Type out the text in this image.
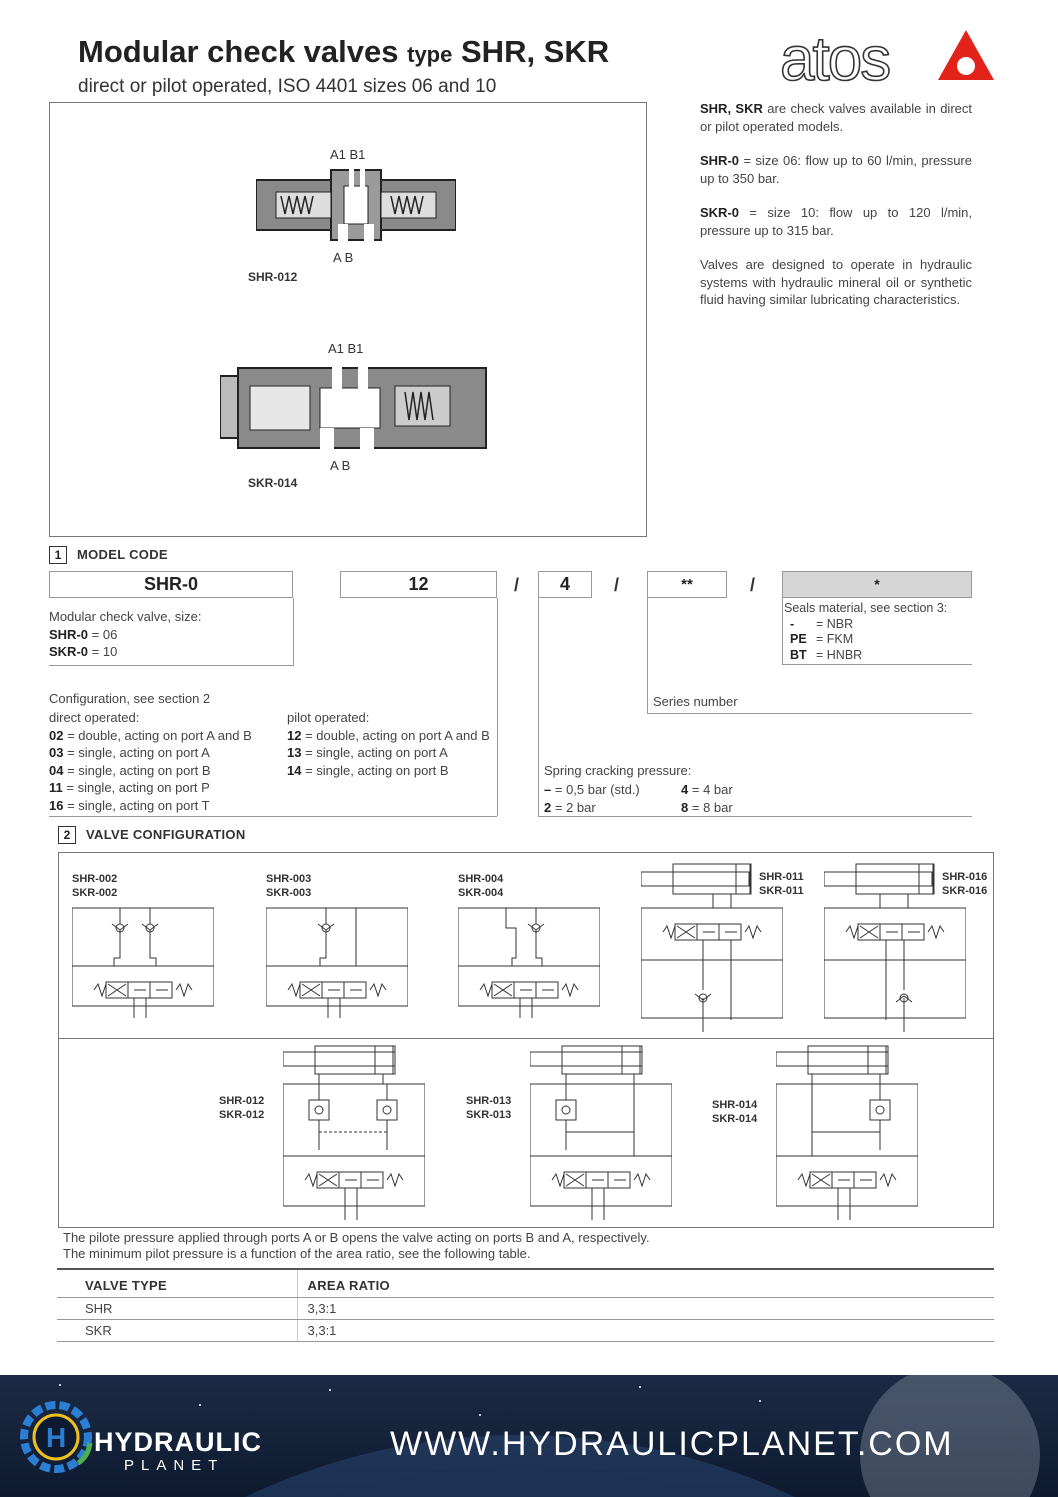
Modular check valves type SHR, SKR
direct or pilot operated, ISO 4401 sizes 06 and 10	atos

SHR, SKR are check valves available in direct or pilot operated models.

SHR-0 = size 06: flow up to 60 l/min, pressure up to 350 bar.

SKR-0 = size 10: flow up to 120 l/min, pressure up to 315 bar.

Valves are designed to operate in hydraulic systems with hydraulic mineral oil or synthetic fluid having similar lubricating characteristics.

A1 B1
A B
SHR-012
A1 B1
A B
SKR-014
1 MODEL CODE
SHR-0	12	/	4	/	**	/	*
Modular check valve, size:
SHR-0 = 06
SKR-0 = 10
Configuration, see section 2
direct operated:
02 = double, acting on port A and B
03 = single, acting on port A
04 = single, acting on port B
11 = single, acting on port P
16 = single, acting on port T
pilot operated:
12 = double, acting on port A and B
13 = single, acting on port A
14 = single, acting on port B	Spring cracking pressure:
– = 0,5 bar (std.)	4 = 4 bar
2 = 2 bar	8 = 8 bar
Series number
Seals material, see section 3:
- = NBR
PE = FKM
BT = HNBR
2 VALVE CONFIGURATION
SHR-002
SKR-002
SHR-003
SKR-003
SHR-004
SKR-004
SHR-011
SKR-011
SHR-016
SKR-016
SHR-012
SKR-012
SHR-013
SKR-013
SHR-014
SKR-014
The pilote pressure applied through ports A or B opens the valve acting on ports B and A, respectively.
The minimum pilot pressure is a function of the area ratio, see the following table.
VALVE TYPE	AREA RATIO
SHR	3,3:1
SKR	3,3:1
H HYDRAULIC
PLANET
WWW.HYDRAULICPLANET.COM
